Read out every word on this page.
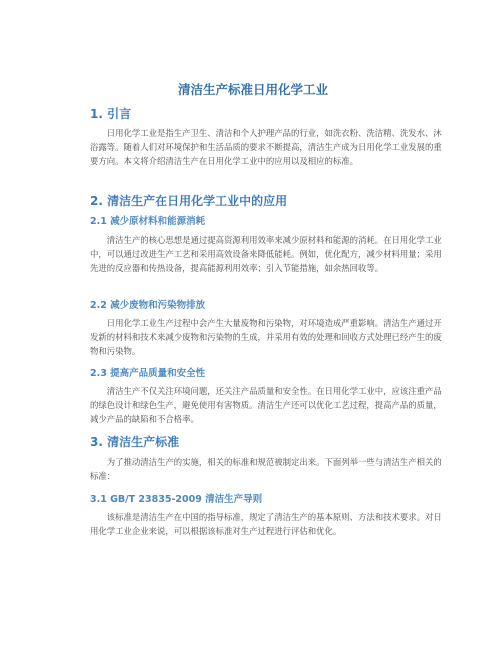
清洁生产标准日用化学工业
1. 引言

日用化学工业是指生产卫生、清洁和个人护理产品的行业，如洗衣粉、洗洁精、洗发水、沐浴露等。随着人们对环境保护和生活品质的要求不断提高，清洁生产成为日用化学工业发展的重要方向。本文将介绍清洁生产在日用化学工业中的应用以及相应的标准。

2. 清洁生产在日用化学工业中的应用
2.1 减少原材料和能源消耗

清洁生产的核心思想是通过提高资源利用效率来减少原材料和能源的消耗。在日用化学工业中，可以通过改进生产工艺和采用高效设备来降低能耗。例如，优化配方，减少材料用量；采用先进的反应器和传热设备，提高能源利用效率；引入节能措施，如余热回收等。

2.2 减少废物和污染物排放

日用化学工业生产过程中会产生大量废物和污染物，对环境造成严重影响。清洁生产通过开发新的材料和技术来减少废物和污染物的生成，并采用有效的处理和回收方式处理已经产生的废物和污染物。

2.3 提高产品质量和安全性

清洁生产不仅关注环境问题，还关注产品质量和安全性。在日用化学工业中，应该注重产品的绿色设计和绿色生产，避免使用有害物质。清洁生产还可以优化工艺过程，提高产品的质量，减少产品的缺陷和不合格率。

3. 清洁生产标准

为了推动清洁生产的实施，相关的标准和规范被制定出来。下面列举一些与清洁生产相关的标准：

3.1 GB/T 23835-2009 清洁生产导则

该标准是清洁生产在中国的指导标准，规定了清洁生产的基本原则、方法和技术要求。对日用化学工业企业来说，可以根据该标准对生产过程进行评估和优化。
